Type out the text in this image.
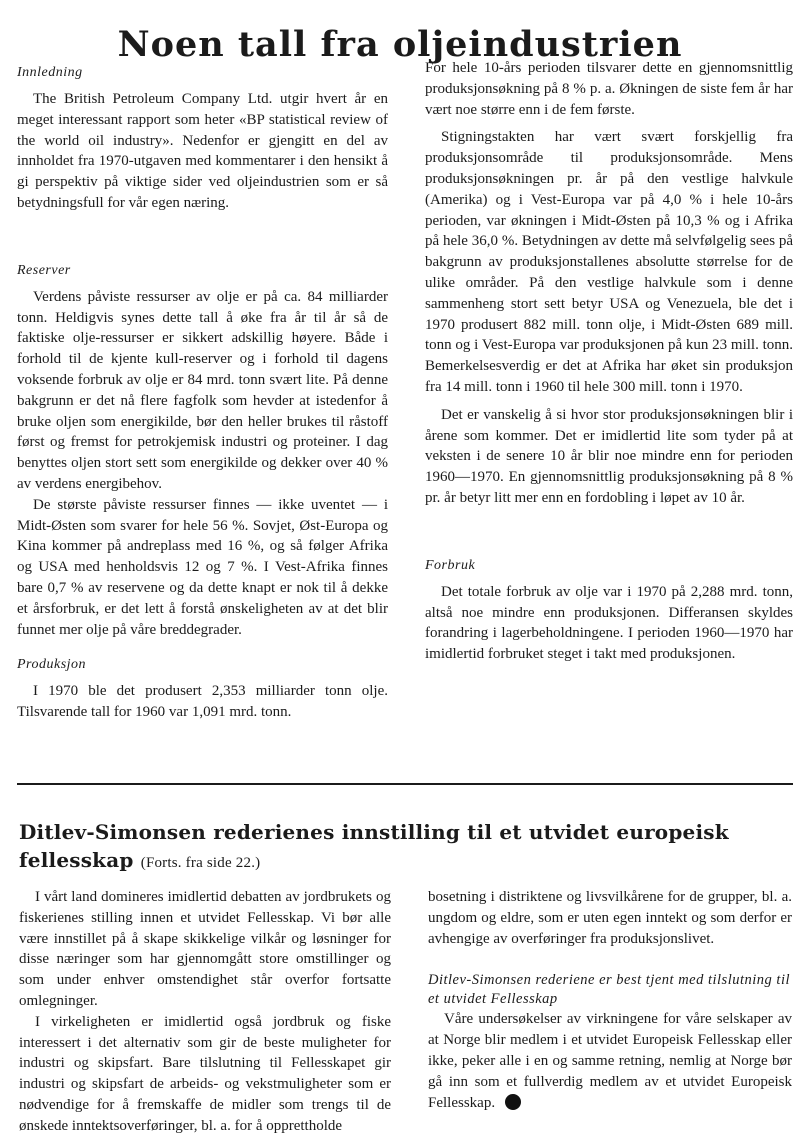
Noen tall fra oljeindustrien
Innledning

The British Petroleum Company Ltd. utgir hvert år en meget interessant rapport som heter «BP statistical review of the world oil industry». Nedenfor er gjengitt en del av innholdet fra 1970-utgaven med kommentarer i den hensikt å gi perspektiv på viktige sider ved oljeindustrien som er så betydningsfull for vår egen næring.

Reserver

Verdens påviste ressurser av olje er på ca. 84 milliarder tonn. Heldigvis synes dette tall å øke fra år til år så de faktiske olje-ressurser er sikkert adskillig høyere. Både i forhold til de kjente kull-reserver og i forhold til dagens voksende forbruk av olje er 84 mrd. tonn svært lite. På denne bakgrunn er det nå flere fagfolk som hevder at istedenfor å bruke oljen som energikilde, bør den heller brukes til råstoff først og fremst for petrokjemisk industri og proteiner. I dag benyttes oljen stort sett som energikilde og dekker over 40 % av verdens energibehov.

De største påviste ressurser finnes — ikke uventet — i Midt-Østen som svarer for hele 56 %. Sovjet, Øst-Europa og Kina kommer på andreplass med 16 %, og så følger Afrika og USA med henholdsvis 12 og 7 %. I Vest-Afrika finnes bare 0,7 % av reservene og da dette knapt er nok til å dekke et årsforbruk, er det lett å forstå ønskeligheten av at det blir funnet mer olje på våre breddegrader.

Produksjon

I 1970 ble det produsert 2,353 milliarder tonn olje. Tilsvarende tall for 1960 var 1,091 mrd. tonn.

For hele 10-års perioden tilsvarer dette en gjennomsnittlig produksjonsøkning på 8 % p. a. Økningen de siste fem år har vært noe større enn i de fem første.

Stigningstakten har vært svært forskjellig fra produksjonsområde til produksjonsområde. Mens produksjonsøkningen pr. år på den vestlige halvkule (Amerika) og i Vest-Europa var på 4,0 % i hele 10-års perioden, var økningen i Midt-Østen på 10,3 % og i Afrika på hele 36,0 %. Betydningen av dette må selvfølgelig sees på bakgrunn av produksjonstallenes absolutte størrelse for de ulike områder. På den vestlige halvkule som i denne sammenheng stort sett betyr USA og Venezuela, ble det i 1970 produsert 882 mill. tonn olje, i Midt-Østen 689 mill. tonn og i Vest-Europa var produksjonen på kun 23 mill. tonn. Bemerkelsesverdig er det at Afrika har øket sin produksjon fra 14 mill. tonn i 1960 til hele 300 mill. tonn i 1970.

Det er vanskelig å si hvor stor produksjonsøkningen blir i årene som kommer. Det er imidlertid lite som tyder på at veksten i de senere 10 år blir noe mindre enn for perioden 1960—1970. En gjennomsnittlig produksjonsøkning på 8 % pr. år betyr litt mer enn en fordobling i løpet av 10 år.

Forbruk

Det totale forbruk av olje var i 1970 på 2,288 mrd. tonn, altså noe mindre enn produksjonen. Differansen skyldes forandring i lagerbeholdningene. I perioden 1960—1970 har imidlertid forbruket steget i takt med produksjonen.

Ditlev-Simonsen rederienes innstilling til et utvidet europeisk fellesskap (Forts. fra side 22.)

I vårt land domineres imidlertid debatten av jordbrukets og fiskerienes stilling innen et utvidet Fellesskap. Vi bør alle være innstillet på å skape skikkelige vilkår og løsninger for disse næringer som har gjennomgått store omstillinger og som under enhver omstendighet står overfor fortsatte omlegninger.

I virkeligheten er imidlertid også jordbruk og fiske interessert i det alternativ som gir de beste muligheter for industri og skipsfart. Bare tilslutning til Fellesskapet gir industri og skipsfart de arbeids- og vekstmuligheter som er nødvendige for å fremskaffe de midler som trengs til de ønskede inntektsoverføringer, bl. a. for å opprettholde

bosetning i distriktene og livsvilkårene for de grupper, bl. a. ungdom og eldre, som er uten egen inntekt og som derfor er avhengige av overføringer fra produksjonslivet.

Ditlev-Simonsen rederiene er best tjent med tilslutning til et utvidet Fellesskap

Våre undersøkelser av virkningene for våre selskaper av at Norge blir medlem i et utvidet Europeisk Fellesskap eller ikke, peker alle i en og samme retning, nemlig at Norge bør gå inn som et fullverdig medlem av et utvidet Europeisk Fellesskap.
